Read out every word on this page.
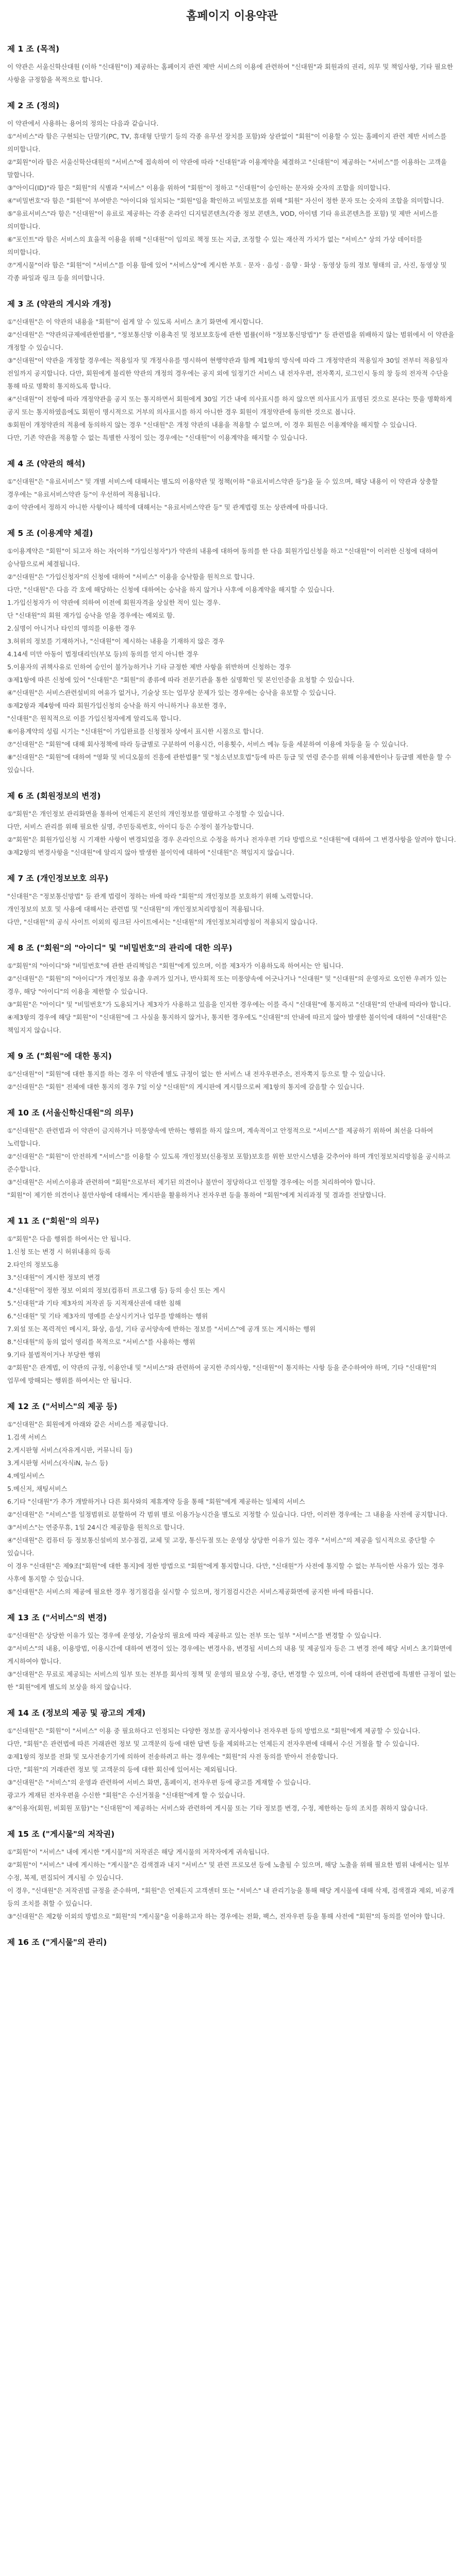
홈페이지 이용약관
제 1 조 (목적)

이 약관은 서울신학산대원 (이하 "신대원"이) 제공하는 홈페이지 관련 제반 서비스의 이용에 관련하여 "신대원"과 회원과의 권리, 의무 및 책임사항, 기타 필요한 사항을 규정함을 목적으로 합니다.

제 2 조 (정의)

이 약관에서 사용하는 용어의 정의는 다음과 같습니다.

①"서비스"라 함은 구현되는 단말기(PC, TV, 휴대형 단말기 등의 각종 유무선 장치를 포함)와 상관없이 "회원"이 이용할 수 있는 홈페이지 관련 제반 서비스를 의미합니다.

②"회원"이라 함은 서울신학산대원의 "서비스"에 접속하여 이 약관에 따라 "신대원"과 이용계약을 체결하고 "신대원"이 제공하는 "서비스"를 이용하는 고객을 말합니다.

③"아이디(ID)"라 함은 "회원"의 식별과 "서비스" 이용을 위하여 "회원"이 정하고 "신대원"이 승인하는 문자와 숫자의 조합을 의미합니다.

④"비밀번호"라 함은 "회원"이 부여받은 "아이디와 일치되는 "회원"임을 확인하고 비밀보호를 위해 "회원" 자신이 정한 문자 또는 숫자의 조합을 의미합니다.

⑤"유료서비스"라 함은 "신대원"이 유료로 제공하는 각종 온라인 디지털콘텐츠(각종 정보 콘텐츠, VOD, 아이템 기타 유료콘텐츠를 포함) 및 제반 서비스를 의미합니다.

⑥"포인트"라 함은 서비스의 효율적 이용을 위해 "신대원"이 임의로 책정 또는 지급, 조정할 수 있는 재산적 가치가 없는 "서비스" 상의 가상 데이터를 의미합니다.

⑦"게시물"이라 함은 "회원"이 "서비스"를 이용 함에 있어 "서비스상"에 게시한 부호 · 문자 · 음성 · 음향 · 화상 · 동영상 등의 정보 형태의 글, 사진, 동영상 및 각종 파일과 링크 등을 의미합니다.

제 3 조 (약관의 게시와 개정)

①"신대원"은 이 약관의 내용을 "회원"이 쉽게 알 수 있도록 서비스 초기 화면에 게시합니다.

②"신대원"은 "약관의규제에관한법률", "정보통신망 이용촉진 및 정보보호등에 관한 법률(이하 "정보통신망법")" 등 관련법을 위배하지 않는 범위에서 이 약관을 개정할 수 있습니다.

③"신대원"이 약관을 개정할 경우에는 적용일자 및 개정사유를 명시하여 현행약관과 함께 제1항의 방식에 따라 그 개정약관의 적용일자 30일 전부터 적용일자 전일까지 공지합니다. 다만, 회원에게 불리한 약관의 개정의 경우에는 공지 외에 일정기간 서비스 내 전자우편, 전자쪽지, 로그인시 동의 창 등의 전자적 수단을 통해 따로 명확히 통지하도록 합니다.

④"신대원"이 전항에 따라 개정약관을 공지 또는 통지하면서 회원에게 30일 기간 내에 의사표시를 하지 않으면 의사표시가 표명된 것으로 본다는 뜻을 명확하게 공지 또는 통지하였음에도 회원이 명시적으로 거부의 의사표시를 하지 아니한 경우 회원이 개정약관에 동의한 것으로 봅니다.

⑤회원이 개정약관의 적용에 동의하지 않는 경우 "신대원"은 개정 약관의 내용을 적용할 수 없으며, 이 경우 회원은 이용계약을 해지할 수 있습니다.

다만, 기존 약관을 적용할 수 없는 특별한 사정이 있는 경우에는 "신대원"이 이용계약을 해지할 수 있습니다.

제 4 조 (약관의 해석)

①"신대원"은 "유료서비스" 및 개별 서비스에 대해서는 별도의 이용약관 및 정책(이하 "유료서비스약관 등")을 둘 수 있으며, 해당 내용이 이 약관과 상충할 경우에는 "유료서비스약관 등"이 우선하여 적용됩니다.

②이 약관에서 정하지 아니한 사항이나 해석에 대해서는 "유료서비스약관 등" 및 관계법령 또는 상관례에 따릅니다.

제 5 조 (이용계약 체결)

①이용계약은 "회원"이 되고자 하는 자(이하 "가입신청자")가 약관의 내용에 대하여 동의를 한 다음 회원가입신청을 하고 "신대원"이 이러한 신청에 대하여 승낙함으로써 체결됩니다.

②"신대원"은 "가입신청자"의 신청에 대하여 "서비스" 이용을 승낙함을 원칙으로 합니다.

다만, "신대원"은 다음 각 호에 해당하는 신청에 대하여는 승낙을 하지 않거나 사후에 이용계약을 해지할 수 있습니다.

1.가입신청자가 이 약관에 의하여 이전에 회원자격을 상실한 적이 있는 경우.

단 "신대원"의 회원 재가입 승낙을 얻을 경우에는 예외로 함.

2.실명이 아니거나 타인의 명의를 이용한 경우

3.허위의 정보를 기재하거나, "신대원"이 제시하는 내용을 기재하지 않은 경우

4.14세 미만 아동이 법정대리인(부모 등)의 동의를 얻지 아니한 경우

5.이용자의 귀책사유로 인하여 승인이 불가능하거나 기타 규정한 제반 사항을 위반하며 신청하는 경우

③제1항에 따른 신청에 있어 "신대원"은 "회원"의 종류에 따라 전문기관을 통한 실명확인 및 본인인증을 요청할 수 있습니다.

④"신대원"은 서비스관련설비의 여유가 없거나, 기술상 또는 업무상 문제가 있는 경우에는 승낙을 유보할 수 있습니다.

⑤제2항과 제4항에 따라 회원가입신청의 승낙을 하지 아니하거나 유보한 경우,

"신대원"은 원칙적으로 이를 가입신청자에게 알리도록 합니다.

⑥이용계약의 성립 시기는 "신대원"이 가입완료를 신청절차 상에서 표시한 시점으로 합니다.

⑦"신대원"은 "회원"에 대해 회사정책에 따라 등급별로 구분하여 이용시간, 이용횟수, 서비스 메뉴 등을 세분하여 이용에 차등을 둘 수 있습니다.

⑧"신대원"은 "회원"에 대하여 "영화 및 비디오물의 진흥에 관한법률" 및 "청소년보호법"등에 따른 등급 및 연령 준수를 위해 이용제한이나 등급별 제한을 할 수 있습니다.

제 6 조 (회원정보의 변경)

①"회원"은 개인정보 관리화면을 통하여 언제든지 본인의 개인정보를 열람하고 수정할 수 있습니다.

다만, 서비스 관리를 위해 필요한 실명, 주민등록번호, 아이디 등은 수정이 불가능합니다.

②"회원"은 회원가입신청 시 기재한 사항이 변경되었을 경우 온라인으로 수정을 하거나 전자우편 기타 방법으로 "신대원"에 대하여 그 변경사항을 알려야 합니다.

③제2항의 변경사항을 "신대원"에 알리지 않아 발생한 불이익에 대하여 "신대원"은 책임지지 않습니다.

제 7 조 (개인정보보호 의무)

"신대원"은 "정보통신망법" 등 관계 법령이 정하는 바에 따라 "회원"의 개인정보를 보호하기 위해 노력합니다.

개인정보의 보호 및 사용에 대해서는 관련법 및 "신대원"의 개인정보처리방침이 적용됩니다.

다만, "신대원"의 공식 사이트 이외의 링크된 사이트에서는 "신대원"의 개인정보처리방침이 적용되지 않습니다.

제 8 조 ("회원"의 "아이디" 및 "비밀번호"의 관리에 대한 의무)

①"회원"의 "아이디"와 "비밀번호"에 관한 관리책임은 "회원"에게 있으며, 이를 제3자가 이용하도록 하여서는 안 됩니다.

②"신대원"은 "회원"의 "아이디"가 개인정보 유출 우려가 있거나, 반사회적 또는 미풍양속에 어긋나거나 "신대원" 및 "신대원"의 운영자로 오인한 우려가 있는 경우, 해당 "아이디"의 이용을 제한할 수 있습니다.

③"회원"은 "아이디" 및 "비밀번호"가 도용되거나 제3자가 사용하고 있음을 인지한 경우에는 이를 즉시 "신대원"에 통지하고 "신대원"의 안내에 따라야 합니다.

④제3항의 경우에 해당 "회원"이 "신대원"에 그 사실을 통지하지 않거나, 통지한 경우에도 "신대원"의 안내에 따르지 않아 발생한 불이익에 대하여 "신대원"은 책임지지 않습니다.

제 9 조 ("회원"에 대한 통지)

①"신대원"이 "회원"에 대한 통지를 하는 경우 이 약관에 별도 규정이 없는 한 서비스 내 전자우편주소, 전자쪽지 등으로 할 수 있습니다.

②"신대원"은 "회원" 전체에 대한 통지의 경우 7일 이상 "신대원"의 게시판에 게시함으로써 제1항의 통지에 갈음할 수 있습니다.

제 10 조 (서울신학신대원"의 의무)

①"신대원"은 관련법과 이 약관이 금지하거나 미풍양속에 반하는 행위를 하지 않으며, 계속적이고 안정적으로 "서비스"를 제공하기 위하여 최선을 다하여 노력합니다.

②"신대원"은 "회원"이 안전하게 "서비스"를 이용할 수 있도록 개인정보(신용정보 포함)보호를 위한 보안시스템을 갖추어야 하며 개인정보처리방침을 공시하고 준수합니다.

③"신대원"은 서비스이용과 관련하여 "회원"으로부터 제기된 의견이나 불만이 정당하다고 인정할 경우에는 이를 처리하여야 합니다.

"회원"이 제기한 의견이나 불만사항에 대해서는 게시판을 활용하거나 전자우편 등을 통하여 "회원"에게 처리과정 및 결과를 전달합니다.

제 11 조 ("회원"의 의무)

①"회원"은 다음 행위를 하여서는 안 됩니다.

1.신청 또는 변경 시 허위내용의 등록

2.타인의 정보도용

3."신대원"이 게시한 정보의 변경

4."신대원"이 정한 정보 이외의 정보(컴퓨터 프로그램 등) 등의 송신 또는 게시

5."신대원"과 기타 제3자의 저작권 등 지적재산권에 대한 침해

6."신대원" 및 기타 제3자의 명예를 손상시키거나 업무를 방해하는 행위

7.외설 또는 폭력적인 메시지, 화상, 음성, 기타 공서양속에 반하는 정보를 "서비스"에 공개 또는 게시하는 행위

8."신대원"의 동의 없이 영리를 목적으로 "서비스"를 사용하는 행위

9.기타 불법적이거나 부당한 행위

②"회원"은 관계법, 이 약관의 규정, 이용안내 및 "서비스"와 관련하여 공지한 주의사항, "신대원"이 통지하는 사항 등을 준수하여야 하며, 기타 "신대원"의 업무에 방해되는 행위를 하여서는 안 됩니다.

제 12 조 ("서비스"의 제공 등)

①"신대원"은 회원에게 아래와 같은 서비스를 제공합니다.

1.검색 서비스

2.게시판형 서비스(자유게시판, 커뮤니티 등)

3.게시판형 서비스(자식iN, 뉴스 등)

4.메일서비스

5.메신저, 채팅서비스

6.기타 "신대원"가 추가 개발하거나 다른 회사와의 제휴계약 등을 통해 "회원"에게 제공하는 일체의 서비스

②"신대원"은 "서비스"를 일정범위로 분할하여 각 범위 별로 이용가능시간을 별도로 지정할 수 있습니다. 다만, 이러한 경우에는 그 내용을 사전에 공지합니다.

③"서비스"는 연중무휴, 1일 24시간 제공함을 원칙으로 합니다.

④"신대원"은 컴퓨터 등 정보통신설비의 보수점검, 교체 및 고장, 통신두절 또는 운영상 상당한 이유가 있는 경우 "서비스"의 제공을 일시적으로 중단할 수 있습니다.

이 경우 "신대원"은 제9조["회원"에 대한 통지]에 정한 방법으로 "회원"에게 통지합니다. 다만, "신대원"가 사전에 통지할 수 없는 부득이한 사유가 있는 경우 사후에 통지할 수 있습니다.

⑤"신대원"은 서비스의 제공에 필요한 경우 정기점검을 실시할 수 있으며, 정기점검시간은 서비스제공화면에 공지한 바에 따릅니다.

제 13 조 ("서비스"의 변경)

①"신대원"은 상당한 이유가 있는 경우에 운영상, 기술상의 필요에 따라 제공하고 있는 전부 또는 일부 "서비스"를 변경할 수 있습니다.

②"서비스"의 내용, 이용방법, 이용시간에 대하여 변경이 있는 경우에는 변경사유, 변경될 서비스의 내용 및 제공일자 등은 그 변경 전에 해당 서비스 초기화면에 게시하여야 합니다.

③"신대원"은 무료로 제공되는 서비스의 일부 또는 전부를 회사의 정책 및 운영의 필요상 수정, 중단, 변경할 수 있으며, 이에 대하여 관련법에 특별한 규정이 없는 한 "회원"에게 별도의 보상을 하지 않습니다.

제 14 조 (정보의 제공 및 광고의 게재)

①"신대원"은 "회원"이 "서비스" 이용 중 필요하다고 인정되는 다양한 정보를 공지사항이나 전자우편 등의 방법으로 "회원"에게 제공할 수 있습니다.

다만, "회원"은 관련법에 따른 거래관련 정보 및 고객문의 등에 대한 답변 등을 제외하고는 언제든지 전자우편에 대해서 수신 거절을 할 수 있습니다.

②제1항의 정보를 전화 및 모사전송기기에 의하여 전송하려고 하는 경우에는 "회원"의 사전 동의를 받아서 전송합니다.

다만, "회원"의 거래관련 정보 및 고객문의 등에 대한 회신에 있어서는 제외됩니다.

③"신대원"은 "서비스"의 운영과 관련하여 서비스 화면, 홈페이지, 전자우편 등에 광고를 게재할 수 있습니다.

광고가 게재된 전자우편을 수신한 "회원"은 수신거절을 "신대원"에게 할 수 있습니다.

④"이용자(회원, 비회원 포함)"는 "신대원"이 제공하는 서비스와 관련하여 게시물 또는 기타 정보를 변경, 수정, 제한하는 등의 조치를 취하지 않습니다.

제 15 조 ("게시물"의 저작권)

①"회원"이 "서비스" 내에 게시한 "게시물"의 저작권은 해당 게시물의 저작자에게 귀속됩니다.

②"회원"이 "서비스" 내에 게시하는 "게시물"은 검색결과 내지 "서비스" 및 관련 프로모션 등에 노출될 수 있으며, 해당 노출을 위해 필요한 범위 내에서는 일부 수정, 복제, 편집되어 게시될 수 있습니다.

이 경우, "신대원"은 저작권법 규정을 준수하며, "회원"은 언제든지 고객센터 또는 "서비스" 내 관리기능을 통해 해당 게시물에 대해 삭제, 검색결과 제외, 비공개 등의 조치를 취할 수 있습니다.

③"신대원"은 제2항 이외의 방법으로 "회원"의 "게시물"을 이용하고자 하는 경우에는 전화, 팩스, 전자우편 등을 통해 사전에 "회원"의 동의를 얻어야 합니다.

제 16 조 ("게시물"의 관리)
